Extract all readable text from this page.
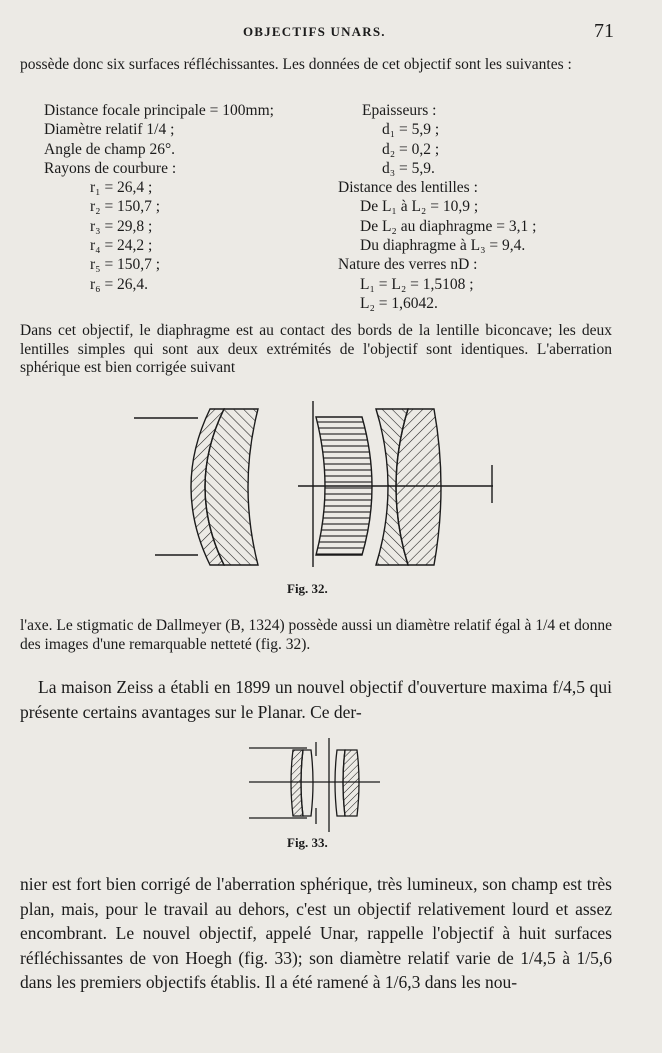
OBJECTIFS UNARS.	71
possède donc six surfaces réfléchissantes. Les données de cet objectif sont les suivantes :
Distance focale principale = 100mm;
Diamètre relatif 1/4 ;
Angle de champ 26°.
Rayons de courbure :
r₁ = 26,4 ;
r₂ = 150,7 ;
r₃ = 29,8 ;
r₄ = 24,2 ;
r₅ = 150,7 ;
r₆ = 26,4.
Epaisseurs :
d₁ = 5,9 ;
d₂ = 0,2 ;
d₃ = 5,9.
Distance des lentilles :
De L₁ à L₂ = 10,9 ;
De L₂ au diaphragme = 3,1 ;
Du diaphragme à L₃ = 9,4.
Nature des verres nD :
L₁ = L₂ = 1,5108 ;
L₂ = 1,6042.
Dans cet objectif, le diaphragme est au contact des bords de la lentille biconcave; les deux lentilles simples qui sont aux deux extrémités de l'objectif sont identiques. L'aberration sphérique est bien corrigée suivant
Fig. 32.
l'axe. Le stigmatic de Dallmeyer (B, 1324) possède aussi un diamètre relatif égal à 1/4 et donne des images d'une remarquable netteté (fig. 32).
La maison Zeiss a établi en 1899 un nouvel objectif d'ouverture maxima f/4,5 qui présente certains avantages sur le Planar. Ce der-
Fig. 33.
nier est fort bien corrigé de l'aberration sphérique, très lumineux, son champ est très plan, mais, pour le travail au dehors, c'est un objectif relativement lourd et assez encombrant. Le nouvel objectif, appelé Unar, rappelle l'objectif à huit surfaces réfléchissantes de von Hoegh (fig. 33); son diamètre relatif varie de 1/4,5 à 1/5,6 dans les premiers objectifs établis. Il a été ramené à 1/6,3 dans les nou-
